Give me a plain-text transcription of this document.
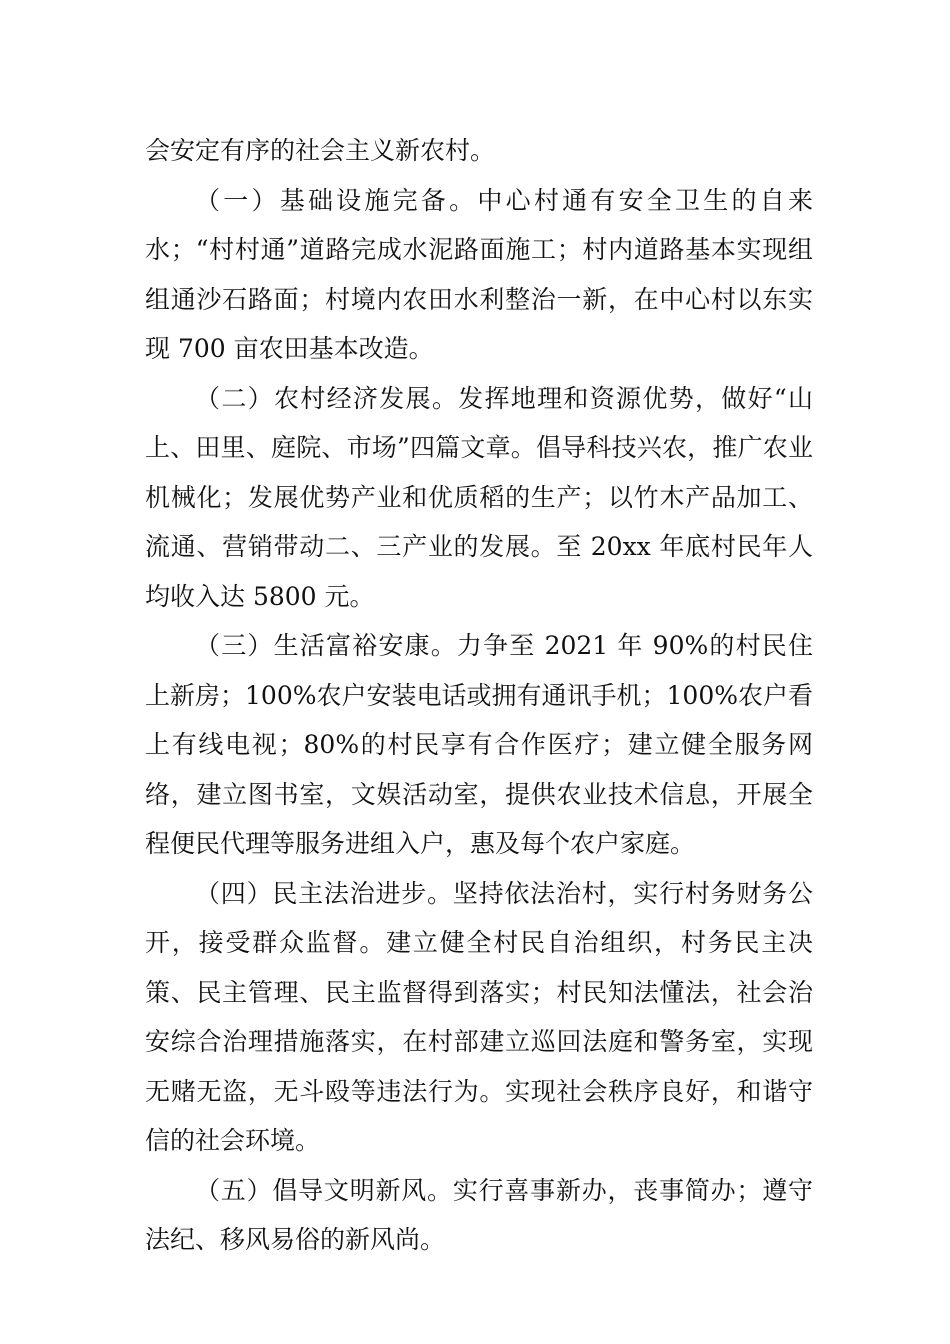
会安定有序的社会主义新农村。

（一）基础设施完备。中心村通有安全卫生的自来水；“村村通”道路完成水泥路面施工；村内道路基本实现组组通沙石路面；村境内农田水利整治一新，在中心村以东实现 700 亩农田基本改造。

（二）农村经济发展。发挥地理和资源优势，做好“山上、田里、庭院、市场”四篇文章。倡导科技兴农，推广农业机械化；发展优势产业和优质稻的生产；以竹木产品加工、流通、营销带动二、三产业的发展。至 20xx 年底村民年人均收入达 5800 元。

（三）生活富裕安康。力争至 2021 年 90%的村民住上新房；100%农户安装电话或拥有通讯手机；100%农户看上有线电视；80%的村民享有合作医疗；建立健全服务网络，建立图书室，文娱活动室，提供农业技术信息，开展全程便民代理等服务进组入户，惠及每个农户家庭。

（四）民主法治进步。坚持依法治村，实行村务财务公开，接受群众监督。建立健全村民自治组织，村务民主决策、民主管理、民主监督得到落实；村民知法懂法，社会治安综合治理措施落实，在村部建立巡回法庭和警务室，实现无赌无盗，无斗殴等违法行为。实现社会秩序良好，和谐守信的社会环境。

（五）倡导文明新风。实行喜事新办，丧事简办；遵守法纪、移风易俗的新风尚。
